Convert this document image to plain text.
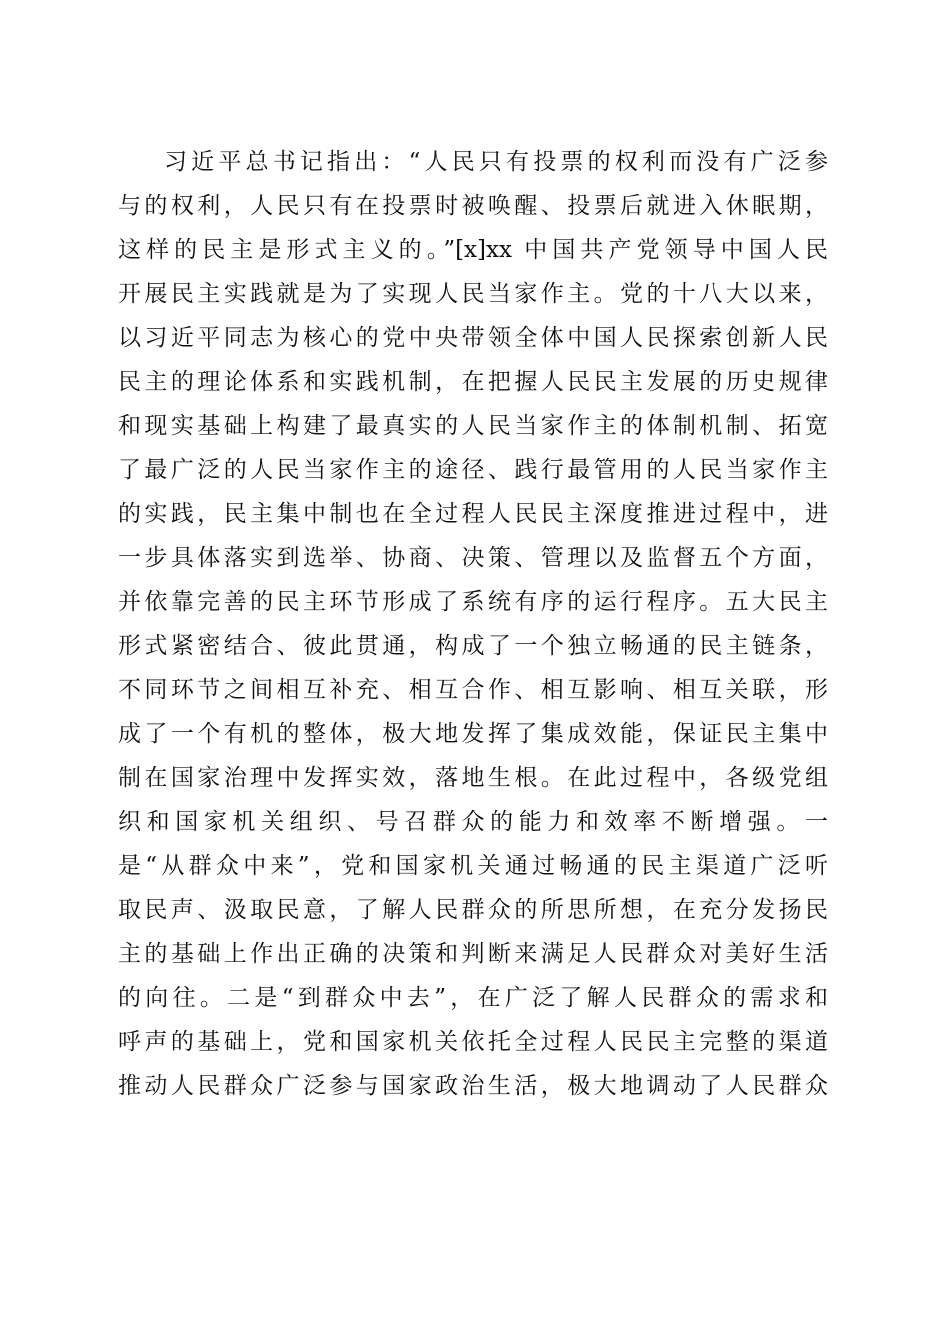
习近平总书记指出：“人民只有投票的权利而没有广泛参
与的权利，人民只有在投票时被唤醒、投票后就进入休眠期，
这样的民主是形式主义的。”[x]xx 中国共产党领导中国人民
开展民主实践就是为了实现人民当家作主。党的十八大以来，
以习近平同志为核心的党中央带领全体中国人民探索创新人民
民主的理论体系和实践机制，在把握人民民主发展的历史规律
和现实基础上构建了最真实的人民当家作主的体制机制、拓宽
了最广泛的人民当家作主的途径、践行最管用的人民当家作主
的实践，民主集中制也在全过程人民民主深度推进过程中，进
一步具体落实到选举、协商、决策、管理以及监督五个方面，
并依靠完善的民主环节形成了系统有序的运行程序。五大民主
形式紧密结合、彼此贯通，构成了一个独立畅通的民主链条，
不同环节之间相互补充、相互合作、相互影响、相互关联，形
成了一个有机的整体，极大地发挥了集成效能，保证民主集中
制在国家治理中发挥实效，落地生根。在此过程中，各级党组
织和国家机关组织、号召群众的能力和效率不断增强。一
是“从群众中来”，党和国家机关通过畅通的民主渠道广泛听
取民声、汲取民意，了解人民群众的所思所想，在充分发扬民
主的基础上作出正确的决策和判断来满足人民群众对美好生活
的向往。二是“到群众中去”，在广泛了解人民群众的需求和
呼声的基础上，党和国家机关依托全过程人民民主完整的渠道
推动人民群众广泛参与国家政治生活，极大地调动了人民群众
